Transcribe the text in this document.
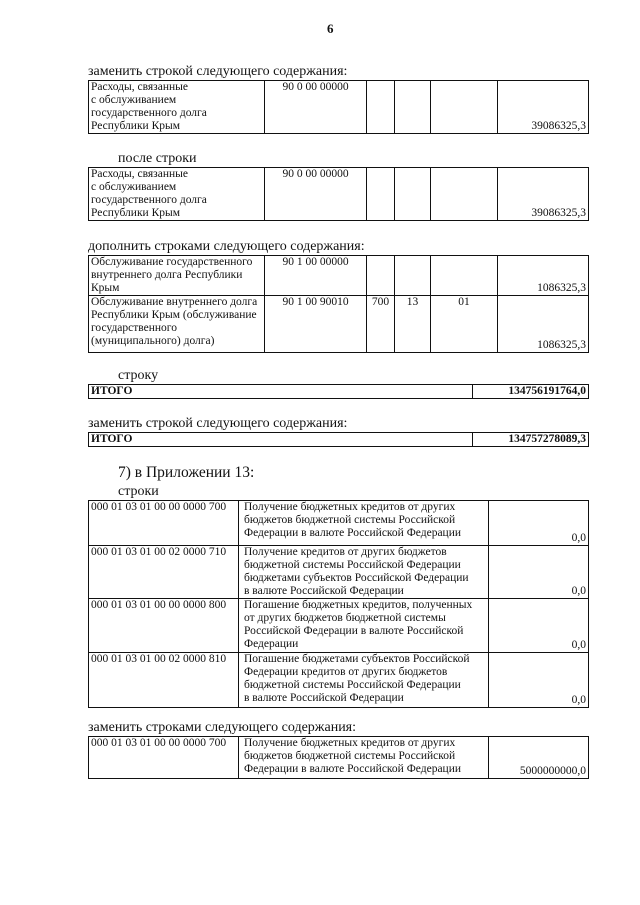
6
заменить строкой следующего содержания:
Расходы, связанные
с обслуживанием
государственного долга
Республики Крым
	90 0 00 00000				39086325,3
после строки
Расходы, связанные
с обслуживанием
государственного долга
Республики Крым
	90 0 00 00000				39086325,3
дополнить строками следующего содержания:
Обслуживание государственного
внутреннего долга Республики
Крым	90 1 00 00000				1086325,3

Обслуживание внутреннего долга
Республики Крым (обслуживание
государственного
(муниципального) долга)	90 1 00 90010	700	13	01	1086325,3
строку
ИТОГО	134756191764,0
заменить строкой следующего содержания:
ИТОГО	134757278089,3
7) в Приложении 13:
строки
000 01 03 01 00 00 0000 700	Получение бюджетных кредитов от других
бюджетов бюджетной системы Российской
Федерации в валюте Российской Федерации	0,0
000 01 03 01 00 02 0000 710	Получение кредитов от других бюджетов
бюджетной системы Российской Федерации
бюджетами субъектов Российской Федерации
в валюте Российской Федерации	0,0
000 01 03 01 00 00 0000 800	Погашение бюджетных кредитов, полученных
от других бюджетов бюджетной системы
Российской Федерации в валюте Российской
Федерации	0,0
000 01 03 01 00 02 0000 810	Погашение бюджетами субъектов Российской
Федерации кредитов от других бюджетов
бюджетной системы Российской Федерации
в валюте Российской Федерации	0,0
заменить строками следующего содержания:
000 01 03 01 00 00 0000 700	Получение бюджетных кредитов от других
бюджетов бюджетной системы Российской
Федерации в валюте Российской Федерации	5000000000,0
